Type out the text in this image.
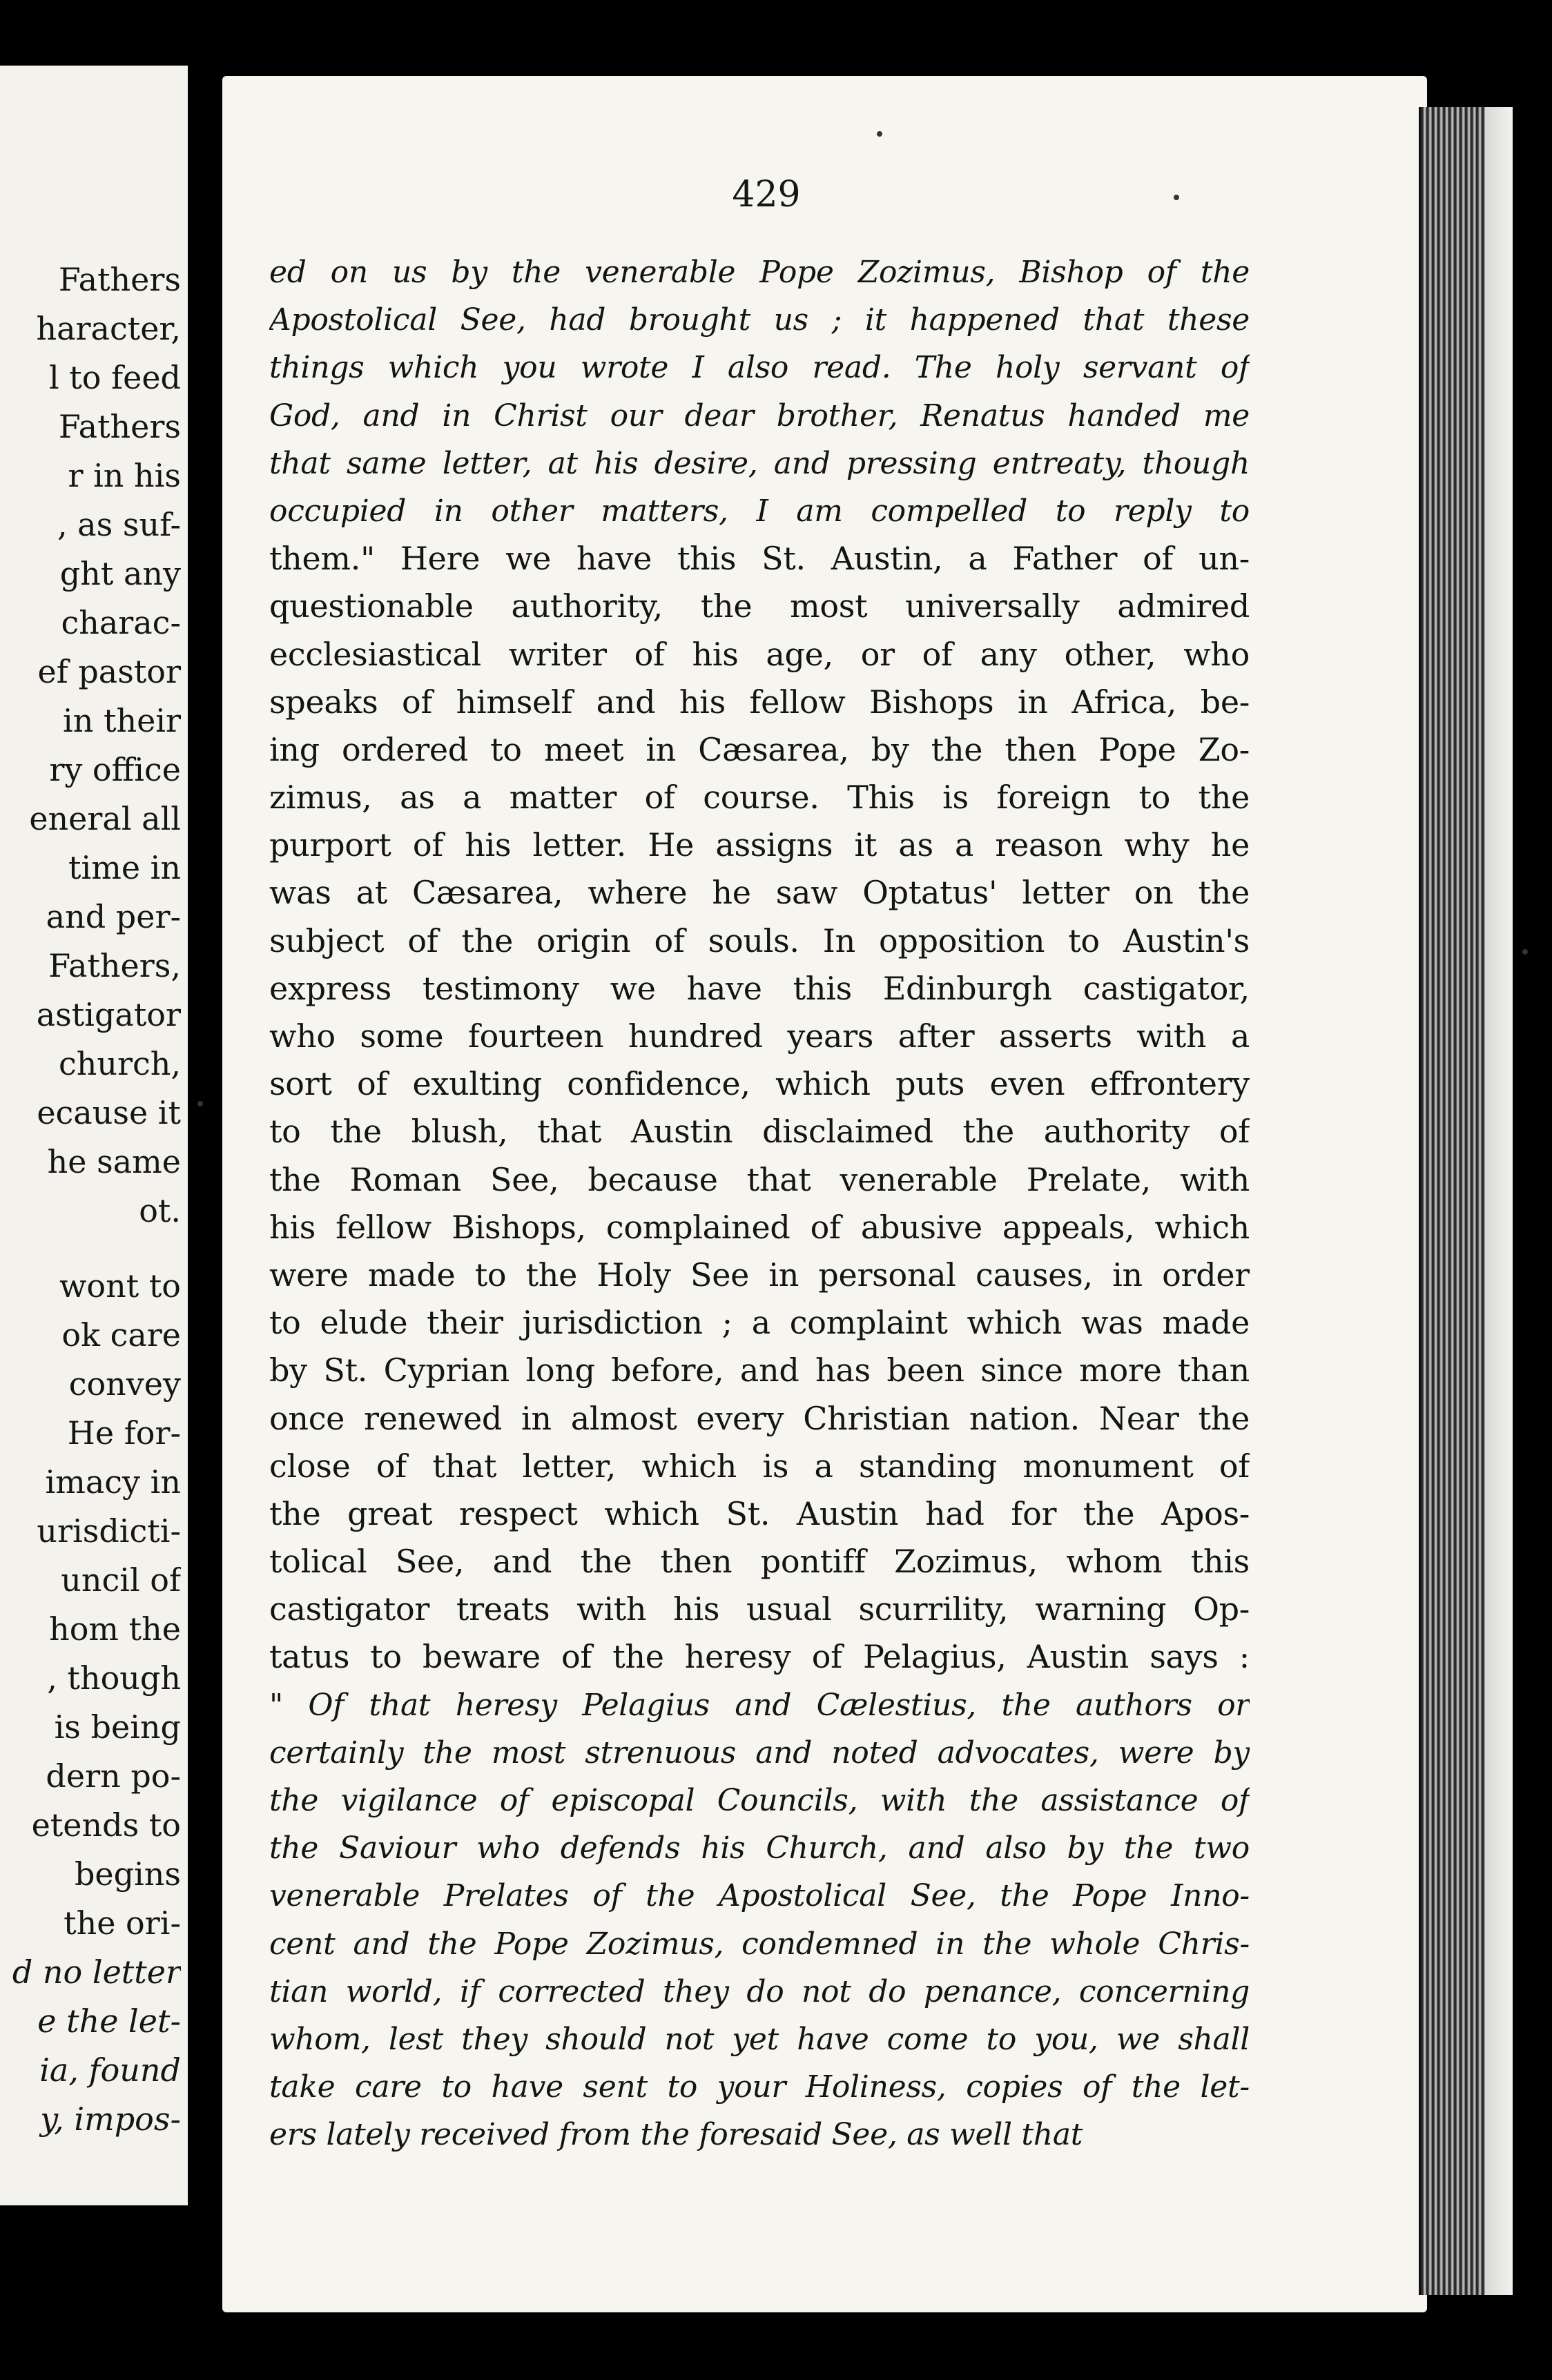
Fathers
haracter,
l to feed
Fathers
r in his
, as suf-
ght any
charac-
ef pastor
in their
ry office
eneral all
time in
and per-
Fathers,
astigator
church,
ecause it
he same
ot.
wont to
ok care
convey
He for-
imacy in
urisdicti-
uncil of
hom the
, though
is being
dern po-
etends to
begins
the ori-
d no letter
e the let-
ia, found
y, impos-
429
ed on us by the venerable Pope Zozimus, Bishop of the
Apostolical See, had brought us ; it happened that these
things which you wrote I also read. The holy servant of
God, and in Christ our dear brother, Renatus handed me
that same letter, at his desire, and pressing entreaty, though
occupied in other matters, I am compelled to reply to
them." Here we have this St. Austin, a Father of un-
questionable authority, the most universally admired
ecclesiastical writer of his age, or of any other, who
speaks of himself and his fellow Bishops in Africa, be-
ing ordered to meet in Cæsarea, by the then Pope Zo-
zimus, as a matter of course. This is foreign to the
purport of his letter. He assigns it as a reason why he
was at Cæsarea, where he saw Optatus' letter on the
subject of the origin of souls. In opposition to Austin's
express testimony we have this Edinburgh castigator,
who some fourteen hundred years after asserts with a
sort of exulting confidence, which puts even effrontery
to the blush, that Austin disclaimed the authority of
the Roman See, because that venerable Prelate, with
his fellow Bishops, complained of abusive appeals, which
were made to the Holy See in personal causes, in order
to elude their jurisdiction ; a complaint which was made
by St. Cyprian long before, and has been since more than
once renewed in almost every Christian nation. Near the
close of that letter, which is a standing monument of
the great respect which St. Austin had for the Apos-
tolical See, and the then pontiff Zozimus, whom this
castigator treats with his usual scurrility, warning Op-
tatus to beware of the heresy of Pelagius, Austin says :
" Of that heresy Pelagius and Cælestius, the authors or
certainly the most strenuous and noted advocates, were by
the vigilance of episcopal Councils, with the assistance of
the Saviour who defends his Church, and also by the two
venerable Prelates of the Apostolical See, the Pope Inno-
cent and the Pope Zozimus, condemned in the whole Chris-
tian world, if corrected they do not do penance, concerning
whom, lest they should not yet have come to you, we shall
take care to have sent to your Holiness, copies of the let-
ers lately received from the foresaid See, as well that
